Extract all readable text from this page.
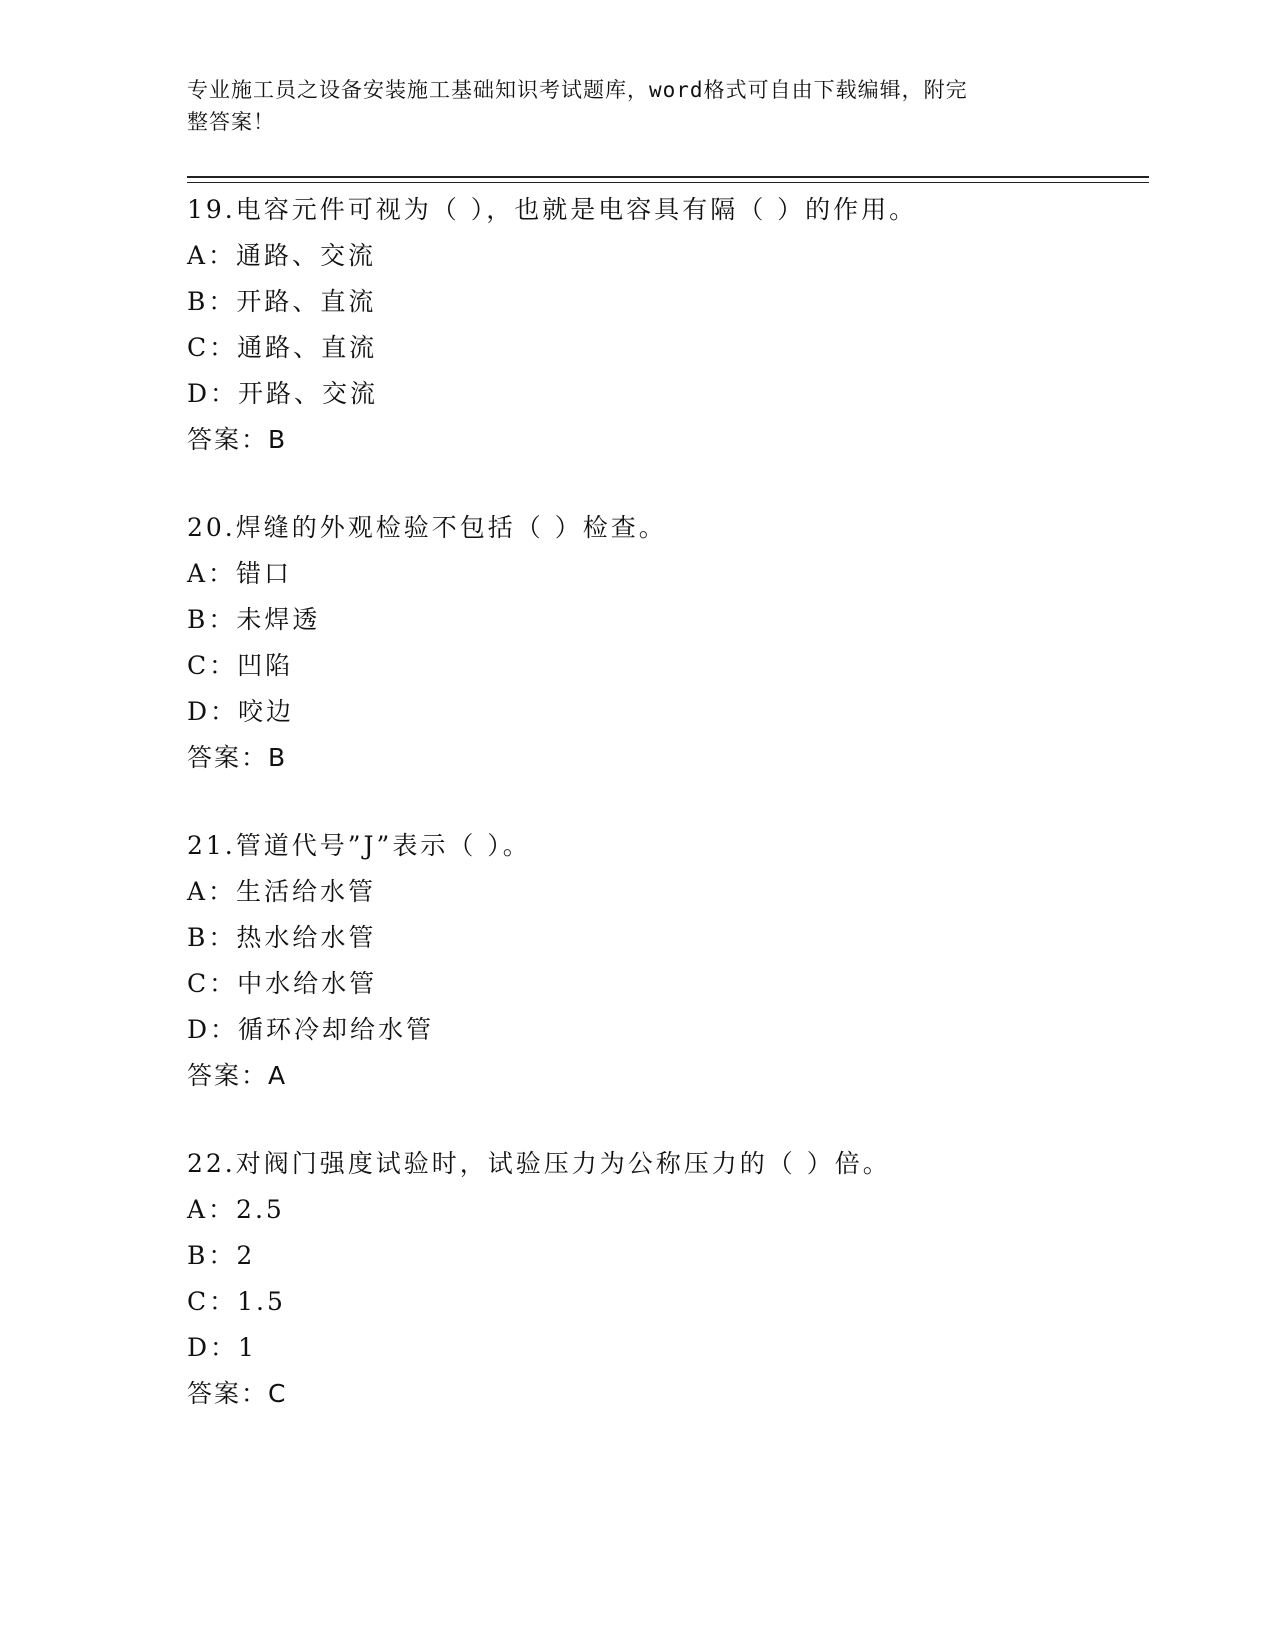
专业施工员之设备安装施工基础知识考试题库，word格式可自由下载编辑，附完
整答案！
19.电容元件可视为（ ），也就是电容具有隔（ ）的作用。
A：通路、交流
B：开路、直流
C：通路、直流
D：开路、交流
答案：B
20.焊缝的外观检验不包括（ ）检查。
A：错口
B：未焊透
C：凹陷
D：咬边
答案：B
21.管道代号”J”表示（ ）。
A：生活给水管
B：热水给水管
C：中水给水管
D：循环冷却给水管
答案：A
22.对阀门强度试验时，试验压力为公称压力的（ ）倍。
A：2.5
B：2
C：1.5
D：1
答案：C
